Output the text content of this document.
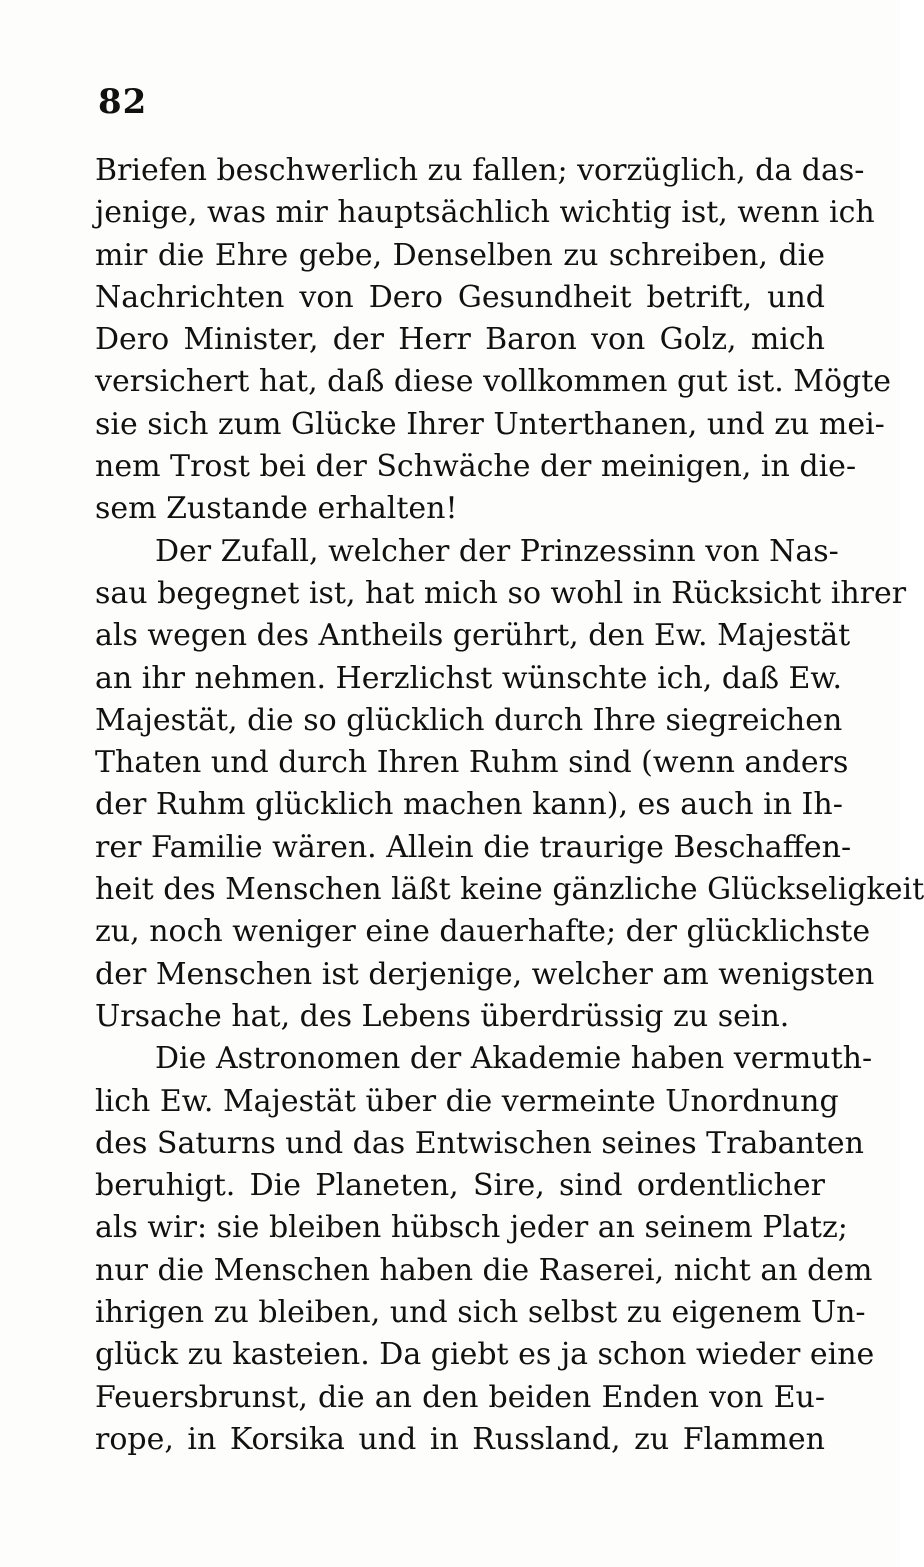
82
Briefen beschwerlich zu fallen; vorzüglich, da das-
jenige, was mir hauptsächlich wichtig ist, wenn ich
mir die Ehre gebe, Denselben zu schreiben, die
Nachrichten von Dero Gesundheit betrift, und
Dero Minister, der Herr Baron von Golz, mich
versichert hat, daß diese vollkommen gut ist. Mögte
sie sich zum Glücke Ihrer Unterthanen, und zu mei-
nem Trost bei der Schwäche der meinigen, in die-
sem Zustande erhalten!
Der Zufall, welcher der Prinzessinn von Nas-
sau begegnet ist, hat mich so wohl in Rücksicht ihrer
als wegen des Antheils gerührt, den Ew. Majestät
an ihr nehmen. Herzlichst wünschte ich, daß Ew.
Majestät, die so glücklich durch Ihre siegreichen
Thaten und durch Ihren Ruhm sind (wenn anders
der Ruhm glücklich machen kann), es auch in Ih-
rer Familie wären. Allein die traurige Beschaffen-
heit des Menschen läßt keine gänzliche Glückseligkeit
zu, noch weniger eine dauerhafte; der glücklichste
der Menschen ist derjenige, welcher am wenigsten
Ursache hat, des Lebens überdrüssig zu sein.
Die Astronomen der Akademie haben vermuth-
lich Ew. Majestät über die vermeinte Unordnung
des Saturns und das Entwischen seines Trabanten
beruhigt. Die Planeten, Sire, sind ordentlicher
als wir: sie bleiben hübsch jeder an seinem Platz;
nur die Menschen haben die Raserei, nicht an dem
ihrigen zu bleiben, und sich selbst zu eigenem Un-
glück zu kasteien. Da giebt es ja schon wieder eine
Feuersbrunst, die an den beiden Enden von Eu-
rope, in Korsika und in Russland, zu Flammen
